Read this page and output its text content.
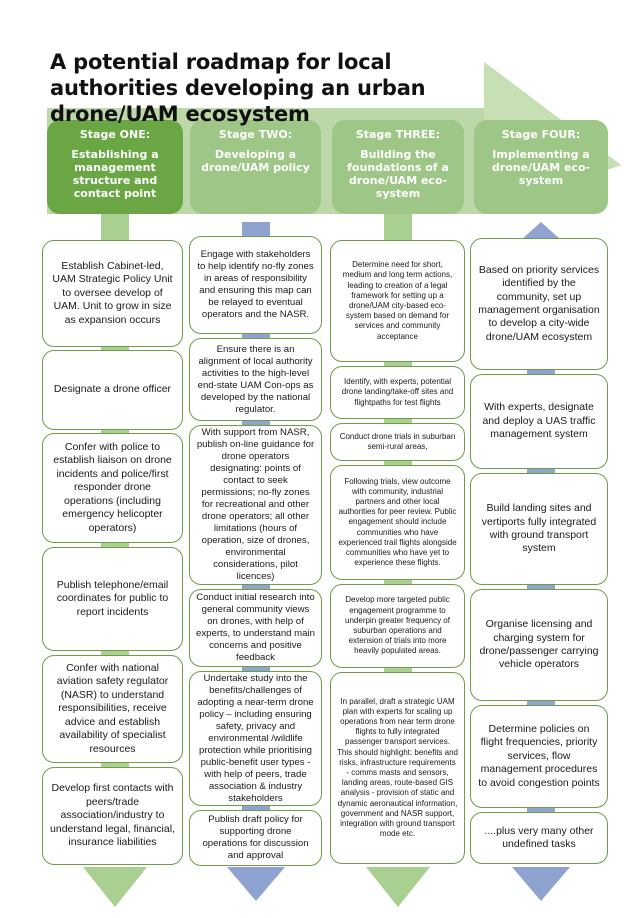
A potential roadmap for local authorities developing an urban drone/UAM ecosystem
Stage ONE:
Establishing a management structure and contact point
Stage TWO:
Developing a drone/UAM policy
Stage THREE:
Building the foundations of a drone/UAM eco-system
Stage FOUR:
Implementing a drone/UAM eco-system
Establish Cabinet-led, UAM Strategic Policy Unit to oversee develop of UAM. Unit to grow in size as expansion occurs
Designate a drone officer
Confer with police to establish liaison on drone incidents and police/first responder drone operations (including emergency helicopter operators)
Publish telephone/email coordinates for public to report incidents
Confer with national aviation safety regulator (NASR) to understand responsibilities, receive advice and establish availability of specialist resources
Develop first contacts with peers/trade association/industry to understand legal, financial, insurance liabilities
Engage with stakeholders to help identify no-fly zones in areas of responsibility and ensuring this map can be relayed to eventual operators and the NASR.
Ensure there is an alignment of local authority activities to the high-level end-state UAM Con-ops as developed by the national regulator.
With support from NASR, publish on-line guidance for drone operators designating: points of contact to seek permissions; no-fly zones for recreational and other drone operators; all other limitations (hours of operation, size of drones, environmental considerations, pilot licences)
Conduct initial research into general community views on drones, with help of experts, to understand main concerns and positive feedback
Undertake study into the benefits/challenges of adopting a near-term drone policy – including ensuring safety, privacy and environmental /wildlife protection while prioritising public-benefit user types - with help of peers, trade association & industry stakeholders
Publish draft policy for supporting drone operations for discussion and approval
Determine need for short, medium and long term actions, leading to creation of a legal framework for setting up a drone/UAM city-based eco-system based on demand for services and community acceptance
Identify, with experts, potential drone landing/take-off sites and flightpaths for test flights
Conduct drone trials in suburban semi-rural areas,
Following trials, view outcome with community, industrial partners and other local authorities for peer review. Public engagement should include communities who have experienced trail flights alongside communities who have yet to experience these flights.
Develop more targeted public engagement programme to underpin greater frequency of suburban operations and extension of trials into more heavily populated areas.
In parallel, draft a strategic UAM plan with experts for scaling up operations from near term drone flights to fully integrated passenger transport services. This should highlight: benefits and risks, infrastructure requirements - comms masts and sensors, landing areas, route-based GIS analysis - provision of static and dynamic aeronautical information, government and NASR support, integration with ground transport mode etc.
Based on priority services identified by the community, set up management organisation to develop a city-wide drone/UAM ecosystem
With experts, designate and deploy a UAS traffic management system
Build landing sites and vertiports fully integrated with ground transport system
Organise licensing and charging system for drone/passenger carrying vehicle operators
Determine policies on flight frequencies, priority services, flow management procedures to avoid congestion points
....plus very many other undefined tasks
